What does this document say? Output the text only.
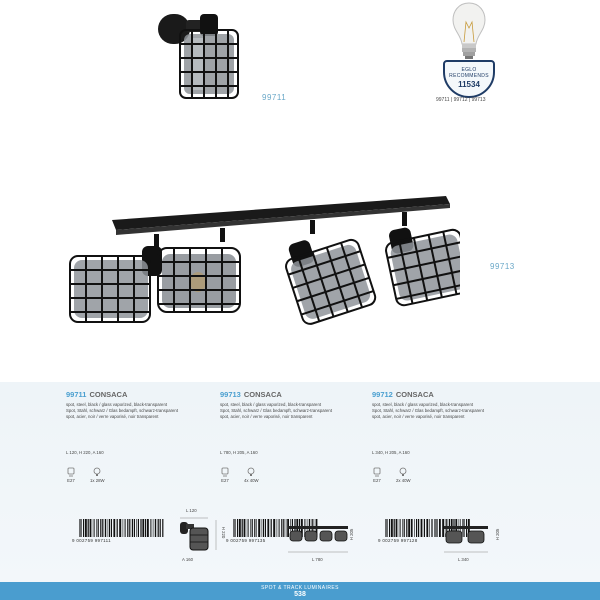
99711
EGLO
RECOMMENDS
11534
99711 | 99712 | 99713
99713
99711 CONSACA
spot, steel, black / glass vaporized, black-transparent
Spot, Stahl, schwarz / Glas bedampft, schwarz-transparent
spot, acier, noir / verre vaporisé, noir transparent
L 120, H 220, A 160
99713 CONSACA
spot, steel, black / glass vaporized, black-transparent
Spot, Stahl, schwarz / Glas bedampft, schwarz-transparent
spot, acier, noir / verre vaporisé, noir transparent
L 780, H 205, A 160
99712 CONSACA
spot, steel, black / glass vaporized, black-transparent
Spot, Stahl, schwarz / Glas bedampft, schwarz-transparent
spot, acier, noir / verre vaporisé, noir transparent
L 340, H 205, A 160
E27	1x 28W	E27	4x 40W	E27	2x 40W
9 002759 997111	9 002759 997135	9 002759 997128
L 120
H 220
A 160
H 205
L 780
H 205
L 340
SPOT & TRACK LUMINAIRES
538
